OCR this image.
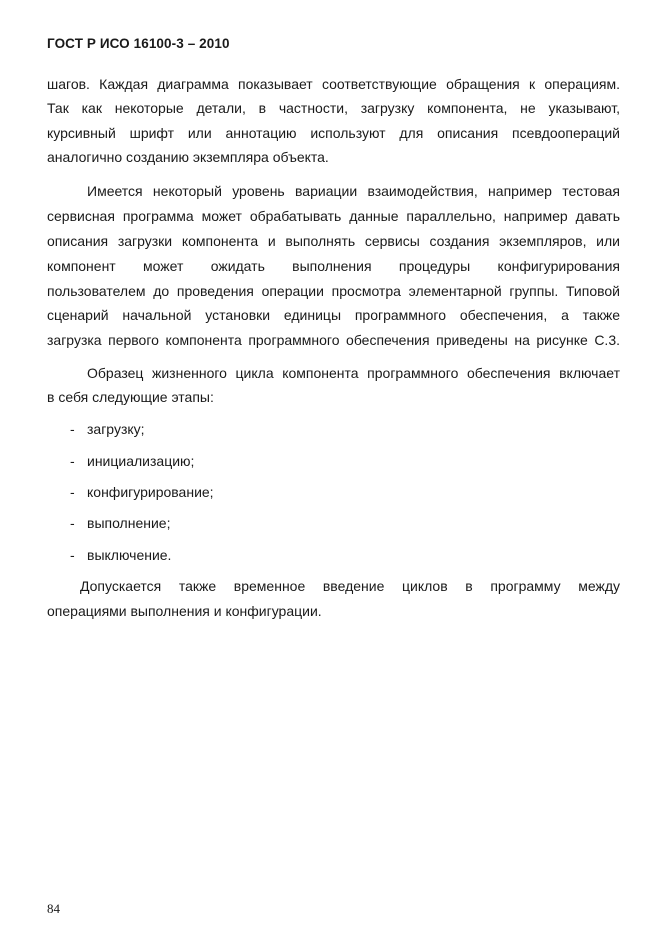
ГОСТ Р ИСО 16100-3 – 2010
шагов. Каждая диаграмма показывает соответствующие обращения к операциям.
Так как некоторые детали, в частности, загрузку компонента, не указывают,
курсивный шрифт или аннотацию используют для описания псевдоопераций
аналогично созданию экземпляра объекта.
Имеется некоторый уровень вариации взаимодействия, например тестовая
сервисная программа может обрабатывать данные параллельно, например давать
описания загрузки компонента и выполнять сервисы создания экземпляров, или
компонент может ожидать выполнения процедуры конфигурирования
пользователем до проведения операции просмотра элементарной группы. Типовой
сценарий начальной установки единицы программного обеспечения, а также
загрузка первого компонента программного обеспечения приведены на рисунке С.3.
Образец жизненного цикла компонента программного обеспечения включает
в себя следующие этапы:
- загрузку;
- инициализацию;
- конфигурирование;
- выполнение;
- выключение.
Допускается также временное введение циклов в программу между
операциями выполнения и конфигурации.
84
